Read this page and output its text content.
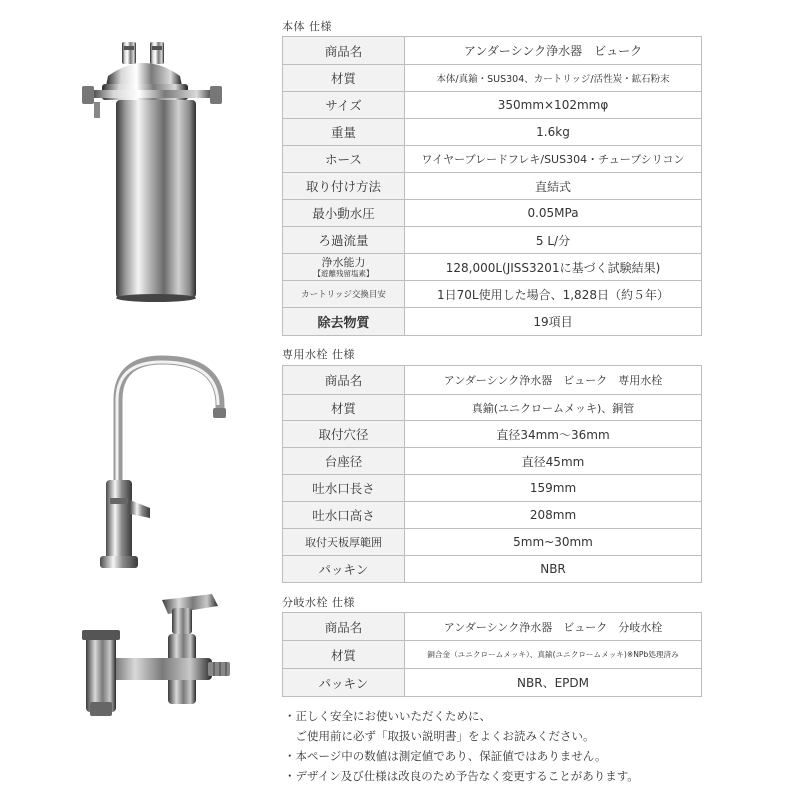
本体 仕様
商品名	アンダーシンク浄水器　ビューク
材質	本体/真鍮・SUS304、カートリッジ/活性炭・鉱石粉末
サイズ	350mm×102mmφ
重量	1.6kg
ホース	ワイヤーブレードフレキ/SUS304・チューブシリコン
取り付け方法	直結式
最小動水圧	0.05MPa
ろ過流量	5 L/分

浄水能力
【遊離残留塩素】	128,000L(JISS3201に基づく試験結果)
カートリッジ交換目安	1日70L使用した場合、1,828日（約５年）
除去物質	19項目
専用水栓 仕様
商品名	アンダーシンク浄水器　ビューク　専用水栓
材質	真鍮(ユニクロームメッキ)、銅管
取付穴径	直径34mm〜36mm
台座径	直径45mm
吐水口長さ	159mm
吐水口高さ	208mm
取付天板厚範囲	5mm~30mm
パッキン	NBR
分岐水栓 仕様
商品名	アンダーシンク浄水器　ビューク　分岐水栓
材質	銅合金（ユニクロームメッキ）、真鍮(ユニクロームメッキ)※NPb処理済み
パッキン	NBR、EPDM
・正しく安全にお使いいただくために、
　ご使用前に必ず「取扱い説明書」をよくお読みください。
・本ページ中の数値は測定値であり、保証値ではありません。
・デザイン及び仕様は改良のため予告なく変更することがあります。
